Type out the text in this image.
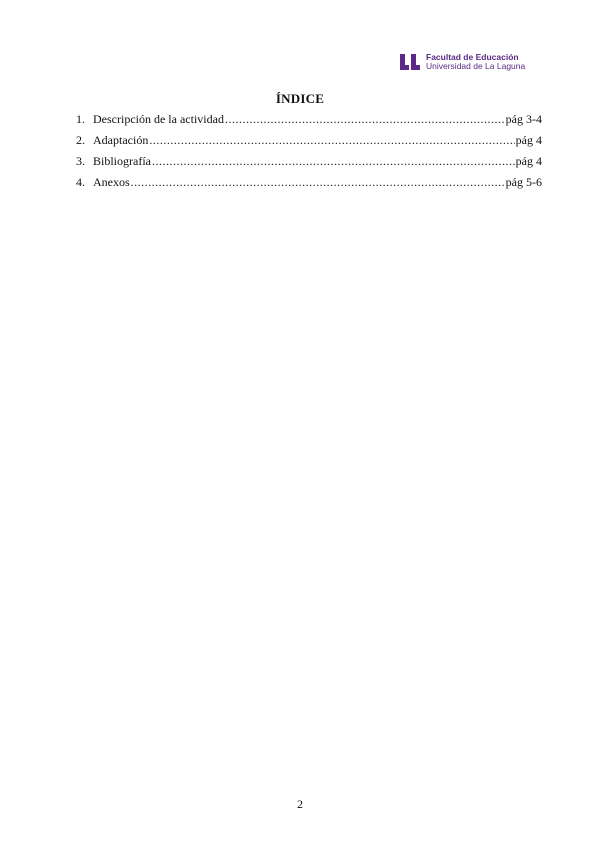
Facultad de Educación
Universidad de La Laguna
ÍNDICE
1. Descripción de la actividad .....	pág 3-4
2. Adaptación .....	pág 4
3. Bibliografía .....	pág 4
4. Anexos .....	pág 5-6
2
